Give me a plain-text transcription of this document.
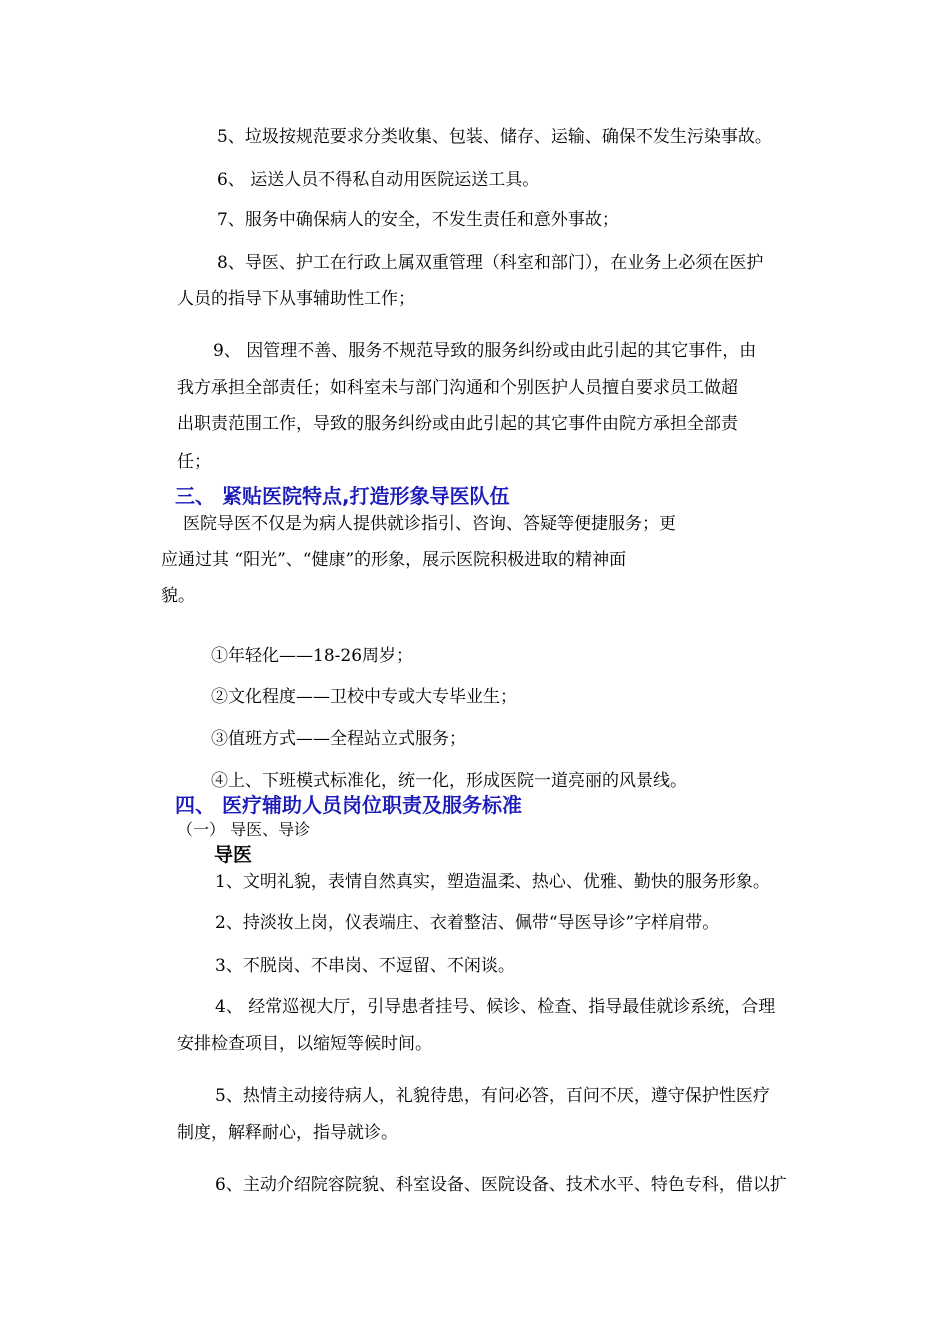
5、垃圾按规范要求分类收集、包装、储存、运输、确保不发生污染事故。
6、 运送人员不得私自动用医院运送工具。
7、服务中确保病人的安全，不发生责任和意外事故；
8、导医、护工在行政上属双重管理（科室和部门），在业务上必须在医护
人员的指导下从事辅助性工作；
9、 因管理不善、服务不规范导致的服务纠纷或由此引起的其它事件，由
我方承担全部责任；如科室未与部门沟通和个别医护人员擅自要求员工做超
出职责范围工作，导致的服务纠纷或由此引起的其它事件由院方承担全部责
任；
三、 紧贴医院特点,打造形象导医队伍
医院导医不仅是为病人提供就诊指引、咨询、答疑等便捷服务；更
应通过其 “阳光”、“健康”的形象，展示医院积极进取的精神面
貌。
①年轻化——18-26周岁；
②文化程度——卫校中专或大专毕业生；
③值班方式——全程站立式服务；
④上、下班模式标准化，统一化，形成医院一道亮丽的风景线。
四、 医疗辅助人员岗位职责及服务标准
（一） 导医、导诊
导医
1、文明礼貌，表情自然真实，塑造温柔、热心、优雅、勤快的服务形象。
2、持淡妆上岗，仪表端庄、衣着整洁、佩带“导医导诊”字样肩带。
3、不脱岗、不串岗、不逗留、不闲谈。
4、 经常巡视大厅，引导患者挂号、候诊、检查、指导最佳就诊系统，合理
安排检查项目，以缩短等候时间。
5、热情主动接待病人，礼貌待患，有问必答，百问不厌，遵守保护性医疗
制度，解释耐心，指导就诊。
6、主动介绍院容院貌、科室设备、医院设备、技术水平、特色专科，借以扩
